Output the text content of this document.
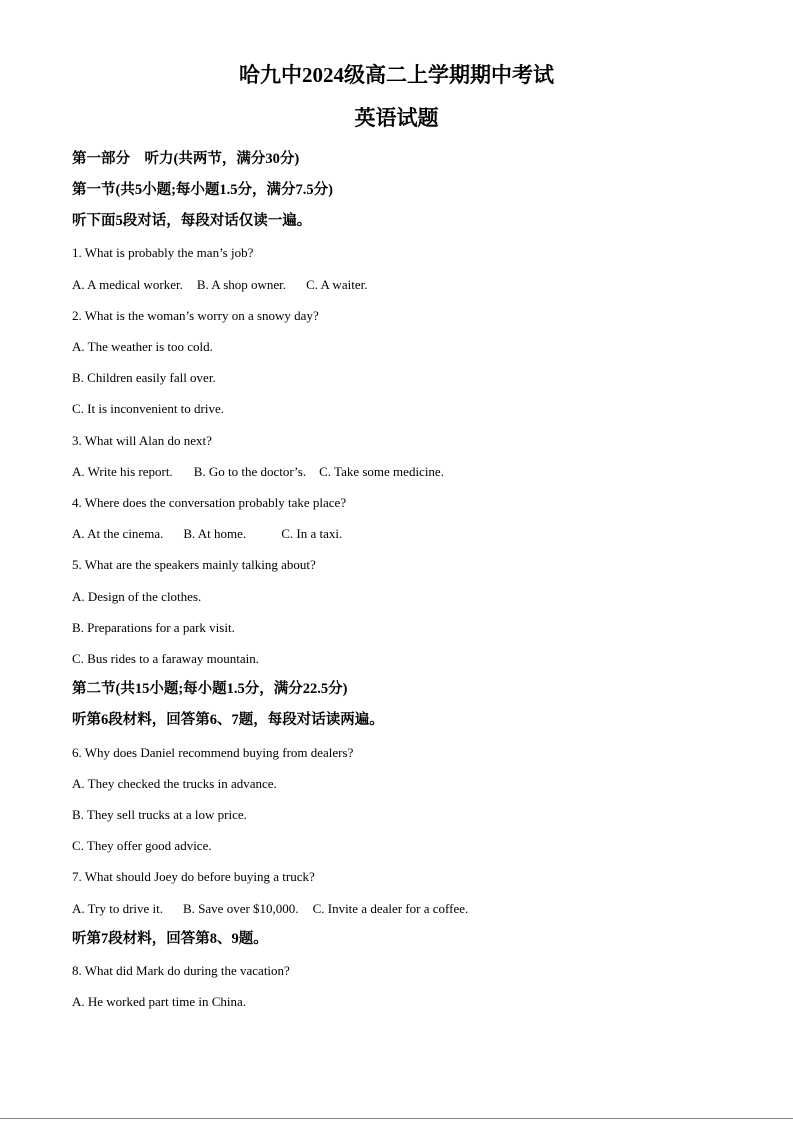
哈九中2024级高二上学期期中考试
英语试题
第一部分　听力(共两节，满分30分)
第一节(共5小题;每小题1.5分，满分7.5分)
听下面5段对话，每段对话仅读一遍。
1. What is probably the man’s job?
A. A medical worker. B. A shop owner. C. A waiter.
2. What is the woman’s worry on a snowy day?
A. The weather is too cold.
B. Children easily fall over.
C. It is inconvenient to drive.
3. What will Alan do next?
A. Write his report. B. Go to the doctor’s. C. Take some medicine.
4. Where does the conversation probably take place?
A. At the cinema. B. At home.	C. In a taxi.
5. What are the speakers mainly talking about?
A. Design of the clothes.
B. Preparations for a park visit.
C. Bus rides to a faraway mountain.
第二节(共15小题;每小题1.5分，满分22.5分)
听第6段材料，回答第6、7题，每段对话读两遍。
6. Why does Daniel recommend buying from dealers?
A. They checked the trucks in advance.
B. They sell trucks at a low price.
C. They offer good advice.
7. What should Joey do before buying a truck?
A. Try to drive it. B. Save over $10,000. C. Invite a dealer for a coffee.
听第7段材料，回答第8、9题。
8. What did Mark do during the vacation?
A. He worked part time in China.
